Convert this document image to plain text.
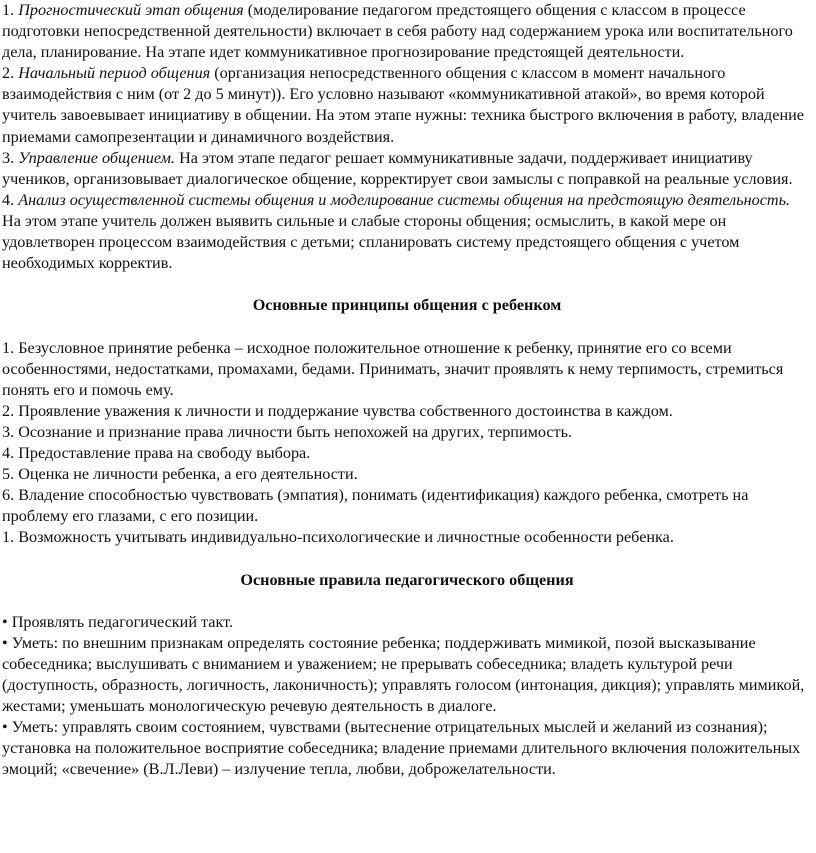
1. Прогностический этап общения (моделирование педагогом предстоящего общения с классом в процессе подготовки непосредственной деятельности) включает в себя работу над содержанием урока или воспитательного дела, планирование. На этапе идет коммуникативное прогнозирование предстоящей деятельности.
2. Начальный период общения (организация непосредственного общения с классом в момент начального взаимодействия с ним (от 2 до 5 минут)). Его условно называют «коммуникативной атакой», во время которой учитель завоевывает инициативу в общении. На этом этапе нужны: техника быстрого включения в работу, владение приемами самопрезентации и динамичного воздействия.
3. Управление общением. На этом этапе педагог решает коммуникативные задачи, поддерживает инициативу учеников, организовывает диалогическое общение, корректирует свои замыслы с поправкой на реальные условия.
4. Анализ осуществленной системы общения и моделирование системы общения на предстоящую деятельность. На этом этапе учитель должен выявить сильные и слабые стороны общения; осмыслить, в какой мере он удовлетворен процессом взаимодействия с детьми; спланировать систему предстоящего общения с учетом необходимых корректив.
Основные принципы общения с ребенком
1. Безусловное принятие ребенка – исходное положительное отношение к ребенку, принятие его со всеми особенностями, недостатками, промахами, бедами. Принимать, значит проявлять к нему терпимость, стремиться понять его и помочь ему.
2. Проявление уважения к личности и поддержание чувства собственного достоинства в каждом.
3. Осознание и признание права личности быть непохожей на других, терпимость.
4. Предоставление права на свободу выбора.
5. Оценка не личности ребенка, а его деятельности.
6. Владение способностью чувствовать (эмпатия), понимать (идентификация) каждого ребенка, смотреть на проблему его глазами, с его позиции.
1. Возможность учитывать индивидуально-психологические и личностные особенности ребенка.
Основные правила педагогического общения
• Проявлять педагогический такт.
• Уметь: по внешним признакам определять состояние ребенка; поддерживать мимикой, позой высказывание собеседника; выслушивать с вниманием и уважением; не прерывать собеседника; владеть культурой речи (доступность, образность, логичность, лаконичность); управлять голосом (интонация, дикция); управлять мимикой, жестами; уменьшать монологическую речевую деятельность в диалоге.
• Уметь: управлять своим состоянием, чувствами (вытеснение отрицательных мыслей и желаний из сознания); установка на положительное восприятие собеседника; владение приемами длительного включения положительных эмоций; «свечение» (В.Л.Леви) – излучение тепла, любви, доброжелательности.
